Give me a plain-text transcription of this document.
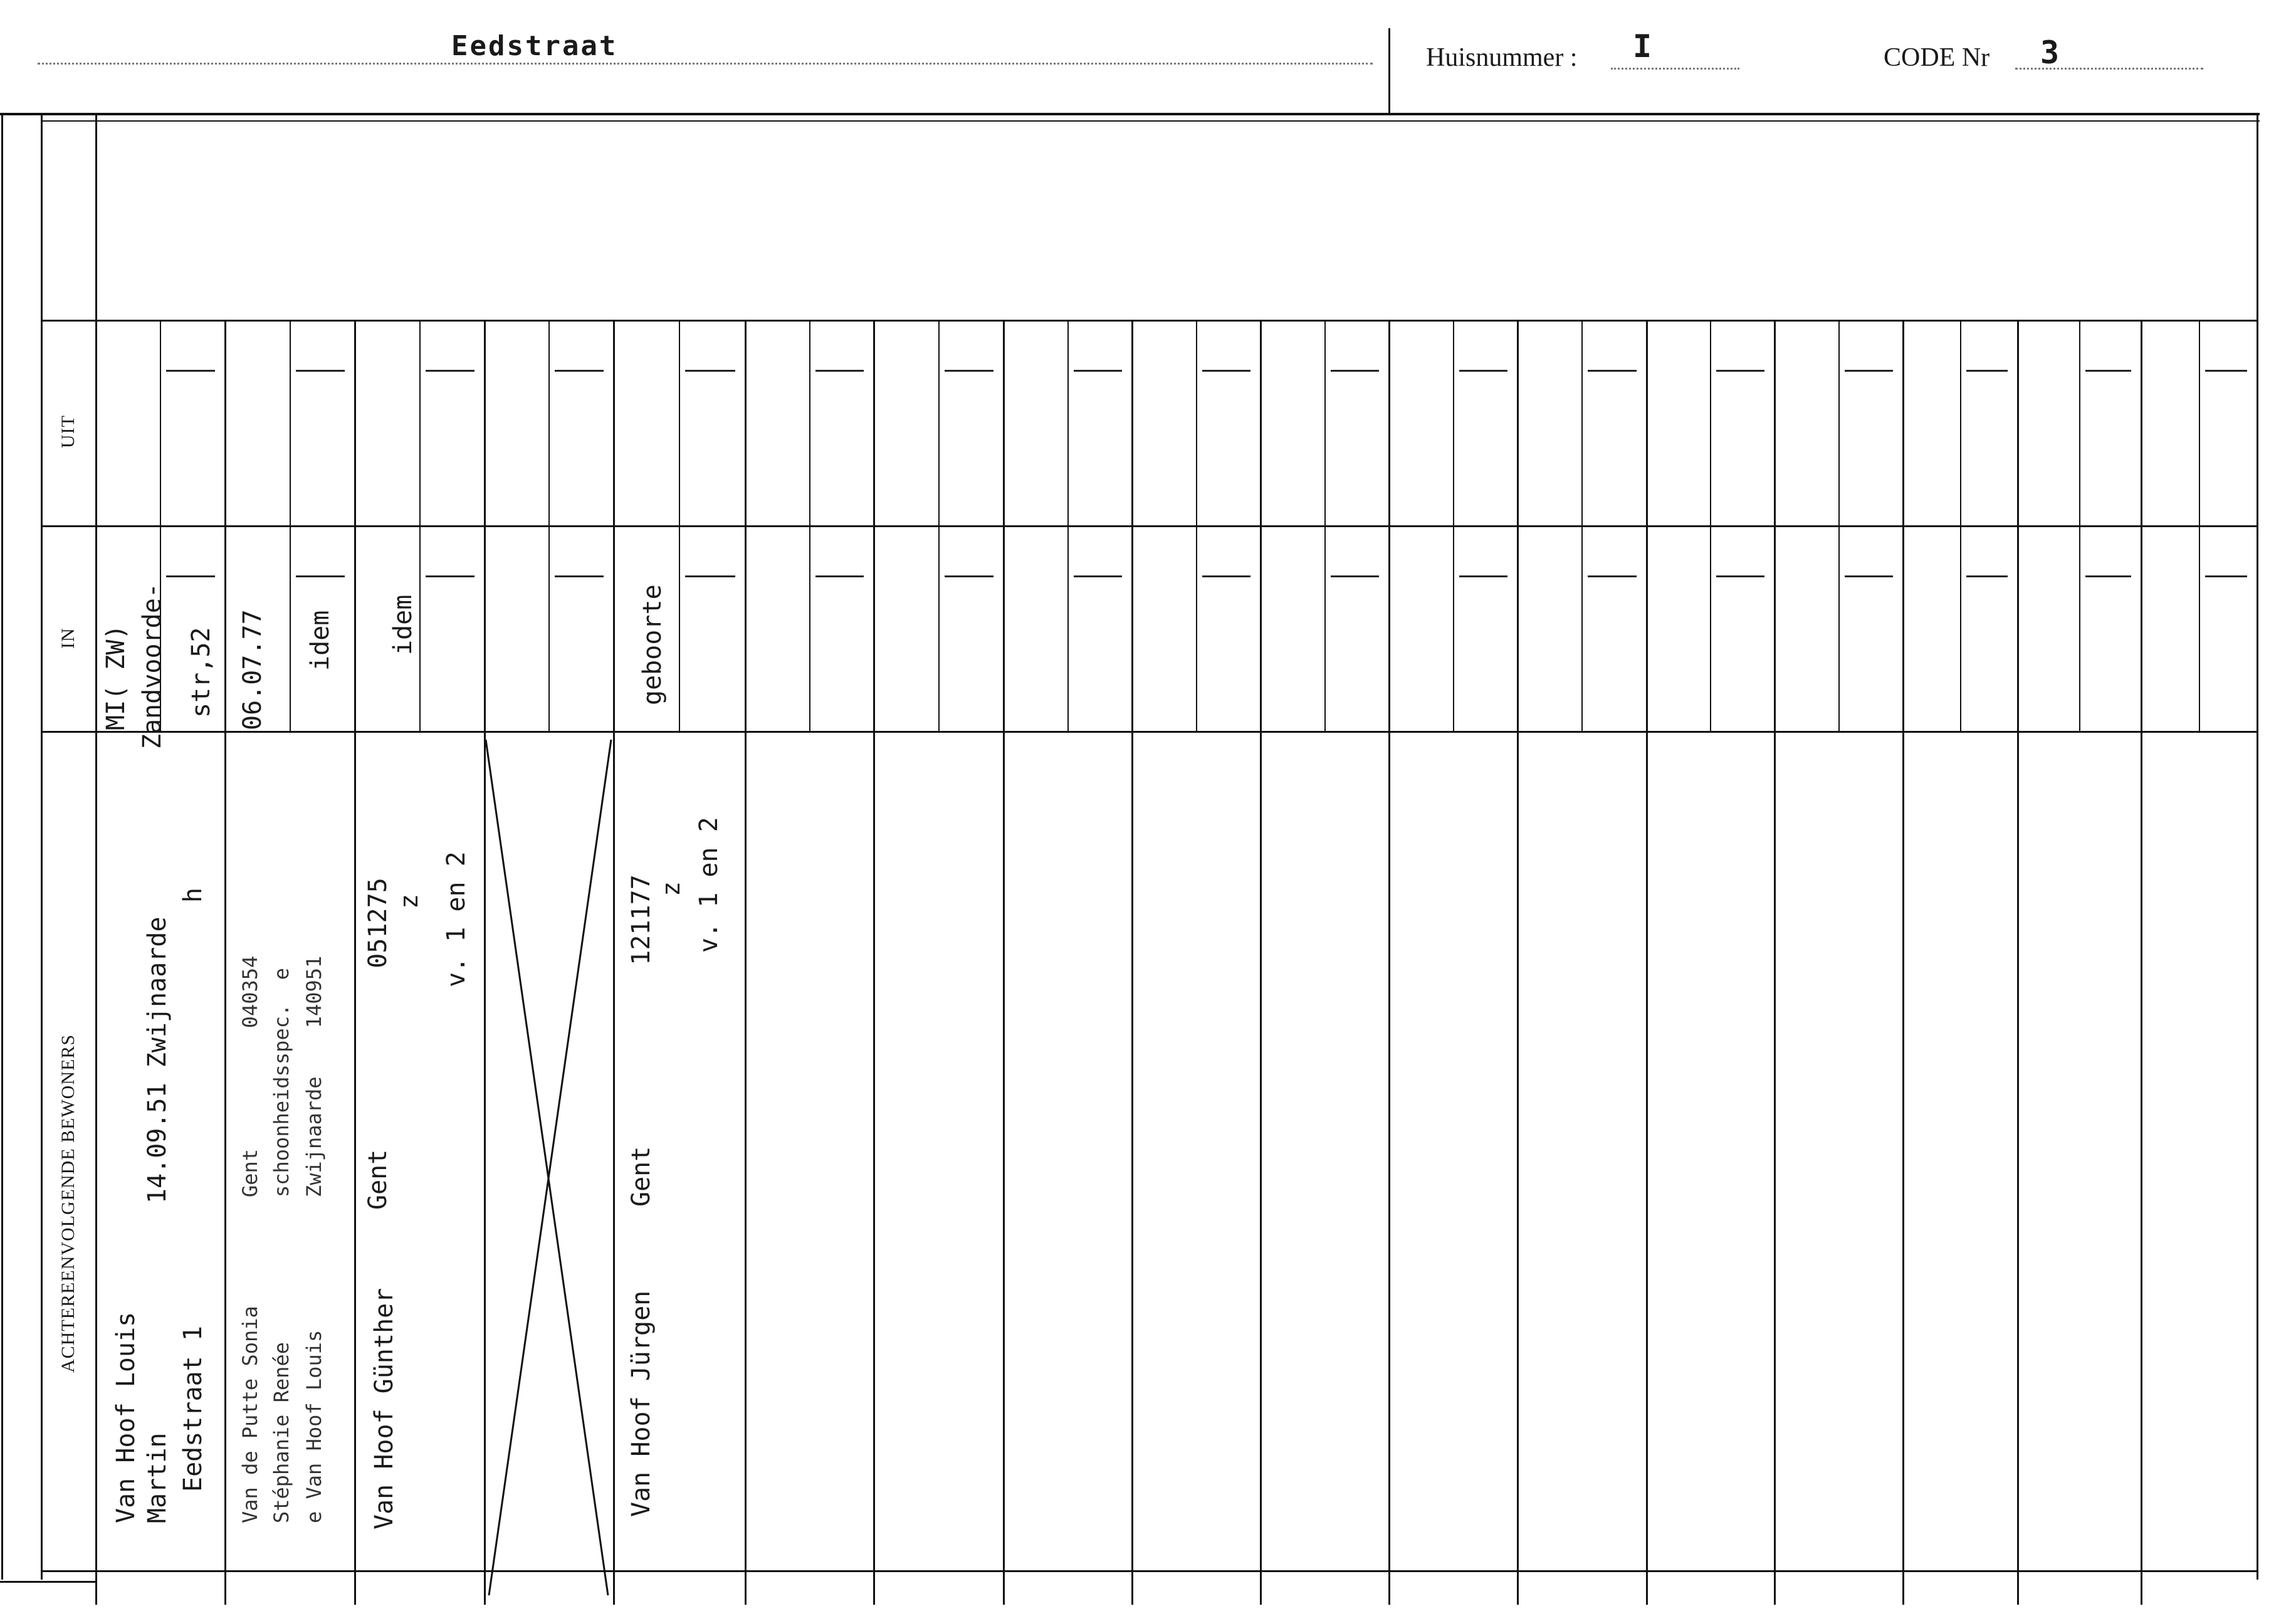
Eedstraat	Huisnummer : I	CODE Nr 3
UIT
IN
ACHTEREENVOLGENDE BEWONERS
Van Hoof Louis Martin Eedstraat 1
14.09.51 Zwijnaarde
h
MI( ZW) Zandvoorde- str,52
Van de Putte Sonia Stéphanie Renée e Van Hoof Louis
Gent          040354 schoonheidsspec.  e Zwijnaarde    140951
06.07.77 idem
Van Hoof Günther
Gent            051275 z v. 1 en 2
idem
Van Hoof Jürgen
Gent            121177 z v. 1 en 2
geboorte
